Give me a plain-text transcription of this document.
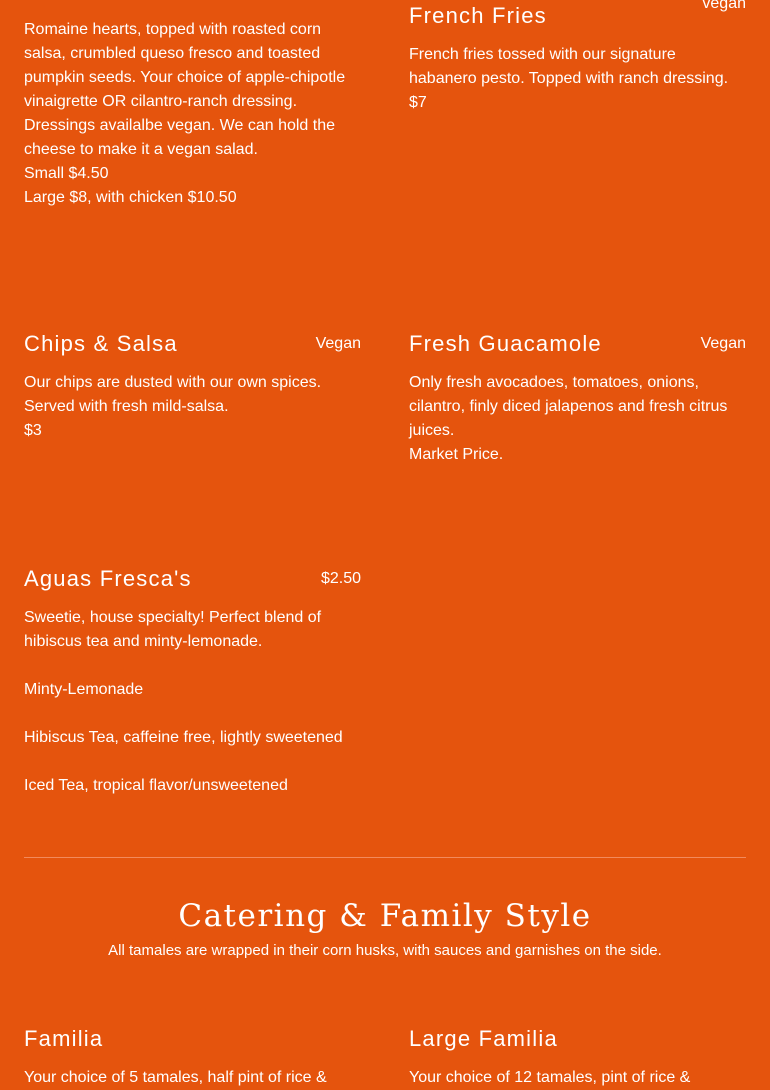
Romaine hearts, topped with roasted corn salsa, crumbled queso fresco and toasted pumpkin seeds. Your choice of apple-chipotle vinaigrette OR cilantro-ranch dressing. Dressings availalbe vegan. We can hold the cheese to make it a vegan salad.

Small $4.50

Large $8, with chicken $10.50

French Fries	vegan

French fries tossed with our signature habanero pesto. Topped with ranch dressing.

$7

Chips & Salsa	Vegan

Our chips are dusted with our own spices. Served with fresh mild-salsa.

$3

Fresh Guacamole	Vegan

Only fresh avocadoes, tomatoes, onions, cilantro, finly diced jalapenos and fresh citrus juices.

Market Price.

Aguas Fresca's	$2.50

Sweetie, house specialty! Perfect blend of hibiscus tea and minty-lemonade.

Minty-Lemonade

Hibiscus Tea, caffeine free, lightly sweetened

Iced Tea, tropical flavor/unsweetened

Catering & Family Style
All tamales are wrapped in their corn husks, with sauces and garnishes on the side.
Familia

Your choice of 5 tamales, half pint of rice &

Large Familia

Your choice of 12 tamales, pint of rice &
